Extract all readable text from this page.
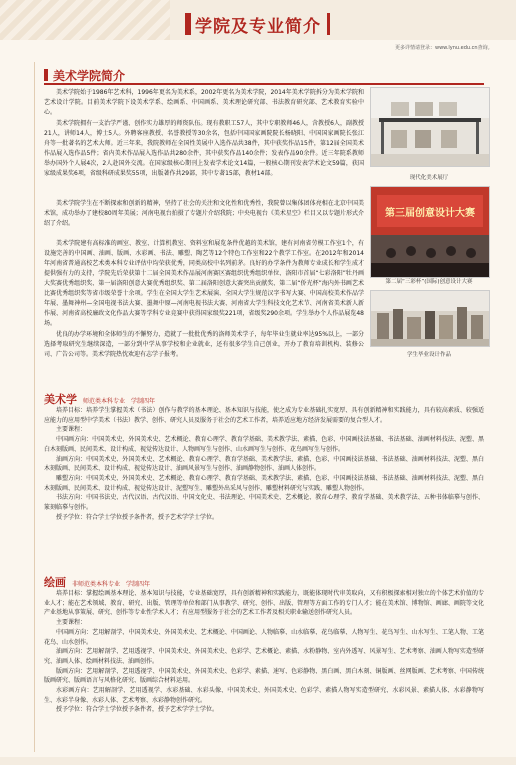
学院及专业简介
更多详情请登录：www.lynu.edu.cn查询。
美术学院简介

美术学院始于1986年艺术科，1996年更名为美术系，2002年更名为美术学院，2014年美术学院拆分为美术学院和艺术设计学院。目前美术学院下设美术学系、绘画系、中国画系、美术理论研究部、书法教育研究部、艺术教育实验中心。

美术学院拥有一支治学严谨、创作实力雄厚的师资队伍。现有教职工57人，其中专职教师46人，含教授6人，副教授21人，讲师14人，博士5人。外聘客座教授、名誉教授等30余名，包括中国国家画院院长杨晓阳、中国国家画院长张江舟等一批著名的艺术大师。近三年来，我院教师在全国性美展中入选作品共38件，其中获奖作品15件，第12届全国美术作品展入选作品5件；省内美术作品展入选作品共280余件，其中获奖作品140余件；发表作品90余件。近三年院系教师举办国外个人展4次，2人赴国外交流。在国家级核心期刊上发表学术论文14篇，一般核心期刊发表学术论文59篇，获国家级成果奖6项，省级科研成果奖55项，出版著作共29部，其中专著15部，教材14部。

美术学院学生在不断探索和创新的精神，坚持了社会的关注和文化性和优秀性，我院曾以集体团体亮相在北京中国美术馆，成功举办了建校80周年美展；河南电视台拍摄了专题片介绍我院；中央电视台《美术星空》栏目又以专题片形式介绍了介绍。

美术学院建有高标准的画室、教室、计算机教室、资料室和展览条件优越的美术馆，建有河南省劳模工作室1个，有设施完善的中国画、油画、版画、水彩画、书法、雕塑、陶艺等12个特色工作室和22个教学工作室。在2012年和2014年河南省普通高校艺术类本科专业评估中均荣获优秀，同类高校中名列前茅。良好的办学条件为教师专业成长和学生成才提供强有力的支持，学院先后荣获第十二届全国美术作品展河南赛区赛组织优秀组织单位、洛阳市首届“七彩洛阳”牡丹画大奖赛优秀组织奖、第一届洛阳创意大赛优秀组织奖、第二届洛阳创意大赛突出贡献奖、第二届“侨光杯”海内外书画艺术比赛优秀组织奖等省市级荣誉十余项。学生在全国大学生艺术展演、全国大学生规范汉字书写大赛、中国高校美术作品学年展、墨舞神州—全国电视书法大赛、墨舞中原—河南电视书法大赛、河南省大学生科技文化艺术节、河南省美术新人新作展、河南省高校廉政文化作品大赛等学科专业竞赛中获得国家级奖221项，省级奖290余项。学生举办个人作品展览48场。

优良的办学环境和全体师生的不懈努力，造就了一批批优秀的洛师美术学子，每年毕业生就业率达95%以上，一部分选择考取研究生继续深造，一部分到中学从事学校和企业就业，还有很多学生自己创业，开办了教育培训机构、装修公司、广告公司等。美术学院热忱欢迎有志学子报考。

现代化美术展厅
第三届创意设计大赛
第二届“三彩杯”(国际)创意设计大赛
学生毕业设计作品
美术学 师范类本科专业　学制四年
培养目标：培养学生掌握美术（书法）创作与教学的基本理论、基本知识与技能，使之成为专业基础扎实宽厚、具有创新精神和实践能力，具有较高素质、较强适应能力的应用型中学美术（书法）教学、创作、研究人员及服务于社会的艺术工作者，培养适应地方经济发展需要的复合型人才。
主要课程：
中国画方向：中国美术史、外国美术史、艺术概论、教育心理学、教育学基础、美术教学法、素描、色彩、中国画技法基础、书法基础、油画材料技法、泥塑、黑白木刻版画、民间美术、设计构成、视觉传达设计、人物画写生与创作、山水画写生与创作、花鸟画写生与创作。
油画方向：中国美术史、外国美术史、艺术概论、教育心理学、教育学基础、美术教学法、素描、色彩、中国画技法基础、书法基础、油画材料技法、泥塑、黑白木刻版画、民间美术、设计构成、视觉传达设计、油画风景写生与创作、油画静物创作、油画人体创作。
雕塑方向：中国美术史、外国美术史、艺术概论、教育心理学、教育学基础、美术教学法、素描、色彩、中国画技法基础、书法基础、油画材料技法、泥塑、黑白木刻版画、民间美术、设计构成、视觉传达设计、泥塑写生、雕塑外出采风与创作、雕塑材料研究与实践、雕塑人物创作。
书法方向：中国书法史、古代汉语、古代汉语、中国文化史、书法理论、中国美术史、艺术概论、教育心理学、教育学基础、美术教学法、五种书体临摹与创作、篆刻临摹与创作。
授予学位：符合学士学位授予条件者，授予艺术学学士学位。
绘画 非师范类本科专业　学制四年
培养目标：掌握绘画基本理论、基本知识与技能，专业基础宽厚，具有创新精神和实践能力，既能体现时代审美取向，又有积极探索相对独立的个体艺术价值的专业人才；能在艺术领域、教育、研究、出版、管理等单位和部门从事教学、研究、创作、出版、管理等方面工作的专门人才；能在美术馆、博物馆、画廊、画院等文化产业基地从事策展、研究、创作等专业性学术人才；有应用型服务于社会的艺术工作者及相关职业输送创作研究人员。
主要课程：
中国画方向：艺用解剖学、中国美术史、外国美术史、艺术概论、中国画论、人物临摹、山水临摹、花鸟临摹、人物写生、花鸟写生、山水写生、工笔人物、工笔花鸟、山水创作。
油画方向：艺用解剖学、艺用透视学、中国美术史、外国美术史、色彩学、艺术概论、素描、水粉静物、室内外透写、风景写生、艺术考察、油画人物写实造型研究、油画人体、绘画材料技法、油画创作。
版画方向：艺用解剖学、艺用透视学、中国美术史、外国美术史、色彩学、素描、速写、色彩静物、黑白画、黑白木刻、铜版画、丝网版画、艺术考察、中国传统版画研究、版画语言与风格化研究、版画综合材料运用。
水彩画方向：艺用解剖学、艺用透视学、水彩基础、水彩头像、中国美术史、外国美术史、色彩学、素描人物写实造型研究、水彩风景、素描人体、水彩静物写生、水彩半身像、水彩人体、艺术考察、水彩静物创作研究。
授予学位：符合学士学位授予条件者，授予艺术学学士学位。
